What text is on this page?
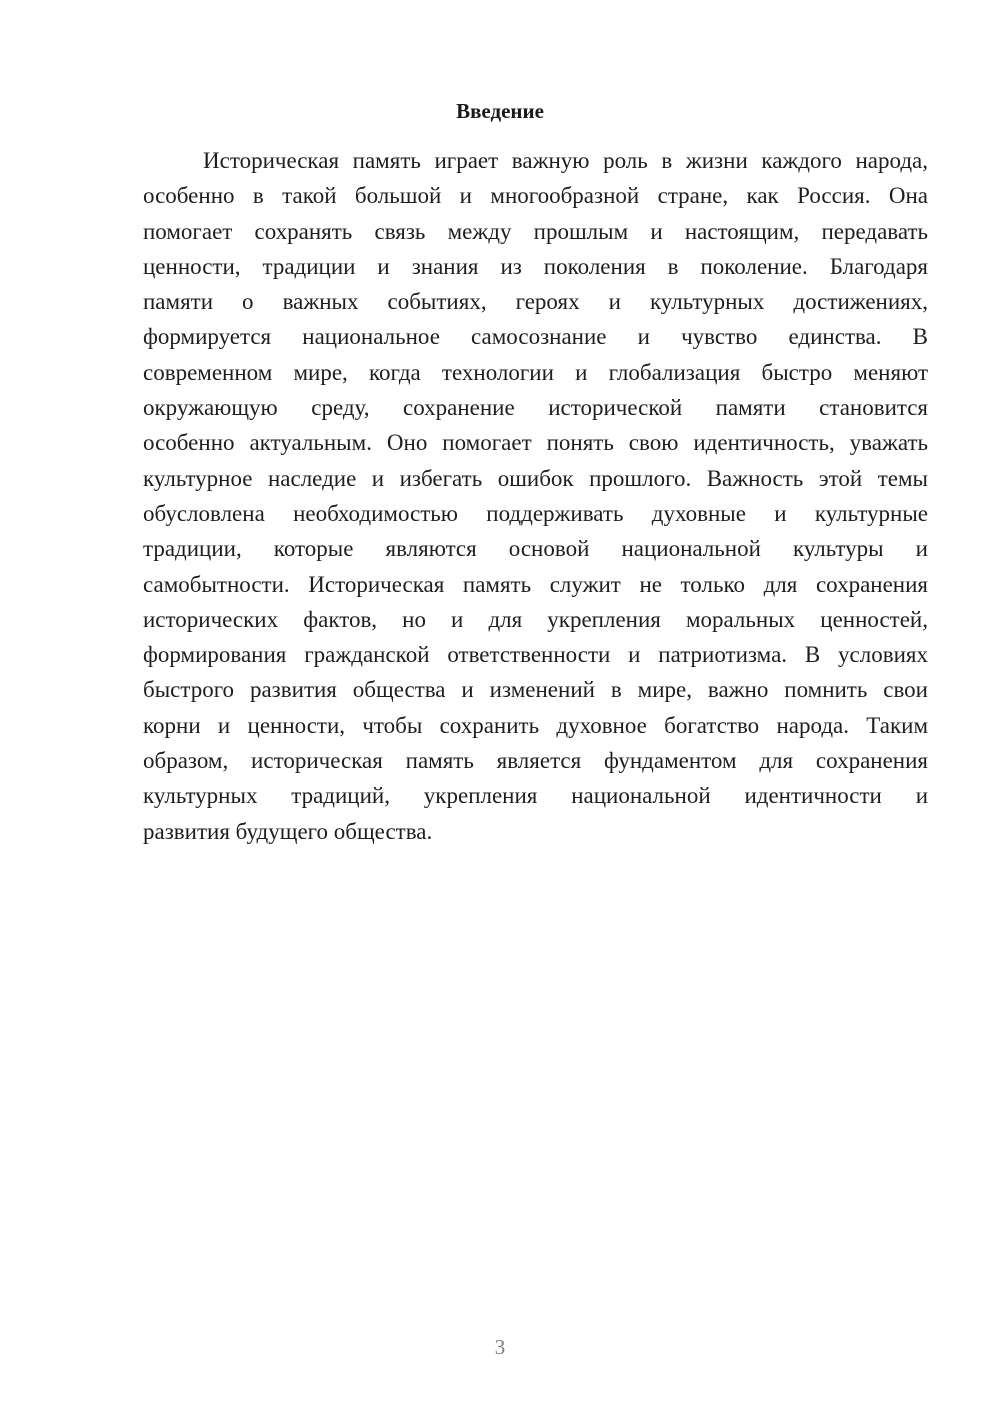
Введение
Историческая память играет важную роль в жизни каждого народа,
особенно в такой большой и многообразной стране, как Россия. Она
помогает сохранять связь между прошлым и настоящим, передавать
ценности, традиции и знания из поколения в поколение. Благодаря
памяти о важных событиях, героях и культурных достижениях,
формируется национальное самосознание и чувство единства. В
современном мире, когда технологии и глобализация быстро меняют
окружающую среду, сохранение исторической памяти становится
особенно актуальным. Оно помогает понять свою идентичность, уважать
культурное наследие и избегать ошибок прошлого. Важность этой темы
обусловлена необходимостью поддерживать духовные и культурные
традиции, которые являются основой национальной культуры и
самобытности. Историческая память служит не только для сохранения
исторических фактов, но и для укрепления моральных ценностей,
формирования гражданской ответственности и патриотизма. В условиях
быстрого развития общества и изменений в мире, важно помнить свои
корни и ценности, чтобы сохранить духовное богатство народа. Таким
образом, историческая память является фундаментом для сохранения
культурных традиций, укрепления национальной идентичности и
развития будущего общества.
3
